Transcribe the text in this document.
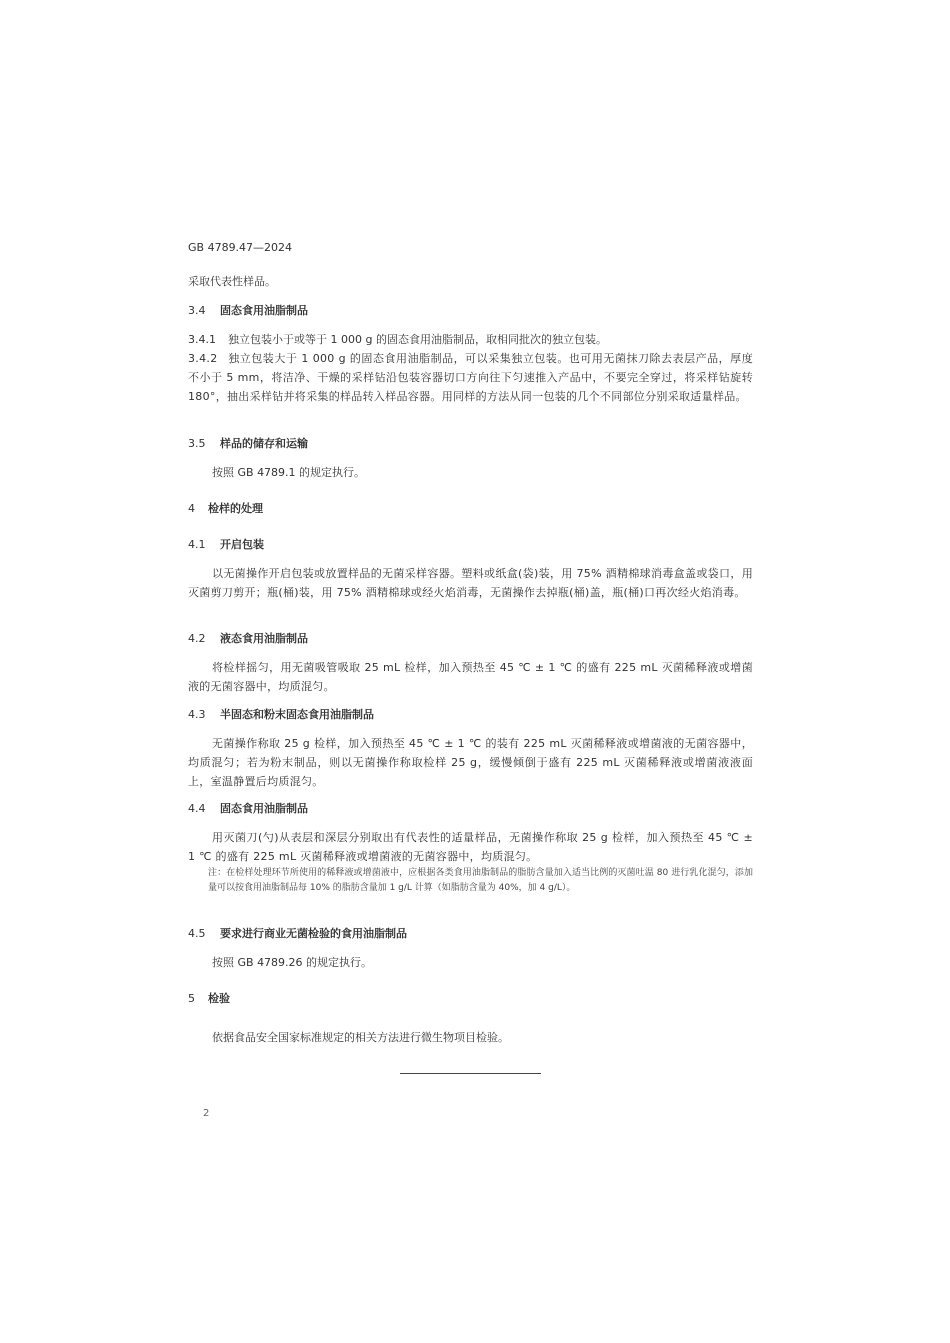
GB 4789.47—2024
采取代表性样品。
3.4 固态食用油脂制品
3.4.1 独立包装小于或等于 1 000 g 的固态食用油脂制品，取相同批次的独立包装。
3.4.2 独立包装大于 1 000 g 的固态食用油脂制品，可以采集独立包装。也可用无菌抹刀除去表层产品，厚度不小于 5 mm，将洁净、干燥的采样钻沿包装容器切口方向往下匀速推入产品中，不要完全穿过，将采样钻旋转 180°，抽出采样钻并将采集的样品转入样品容器。用同样的方法从同一包装的几个不同部位分别采取适量样品。
3.5 样品的储存和运输
按照 GB 4789.1 的规定执行。
4 检样的处理
4.1 开启包装
以无菌操作开启包装或放置样品的无菌采样容器。塑料或纸盒(袋)装，用 75% 酒精棉球消毒盒盖或袋口，用灭菌剪刀剪开；瓶(桶)装，用 75% 酒精棉球或经火焰消毒，无菌操作去掉瓶(桶)盖，瓶(桶)口再次经火焰消毒。
4.2 液态食用油脂制品
将检样摇匀，用无菌吸管吸取 25 mL 检样，加入预热至 45 ℃ ± 1 ℃ 的盛有 225 mL 灭菌稀释液或增菌液的无菌容器中，均质混匀。
4.3 半固态和粉末固态食用油脂制品
无菌操作称取 25 g 检样，加入预热至 45 ℃ ± 1 ℃ 的装有 225 mL 灭菌稀释液或增菌液的无菌容器中，均质混匀；若为粉末制品，则以无菌操作称取检样 25 g，缓慢倾倒于盛有 225 mL 灭菌稀释液或增菌液液面上，室温静置后均质混匀。
4.4 固态食用油脂制品
用灭菌刀(勺)从表层和深层分别取出有代表性的适量样品，无菌操作称取 25 g 检样，加入预热至 45 ℃ ± 1 ℃ 的盛有 225 mL 灭菌稀释液或增菌液的无菌容器中，均质混匀。
注：在检样处理环节所使用的稀释液或增菌液中，应根据各类食用油脂制品的脂肪含量加入适当比例的灭菌吐温 80 进行乳化混匀，添加量可以按食用油脂制品每 10% 的脂肪含量加 1 g/L 计算（如脂肪含量为 40%，加 4 g/L）。
4.5 要求进行商业无菌检验的食用油脂制品
按照 GB 4789.26 的规定执行。
5 检验
依据食品安全国家标准规定的相关方法进行微生物项目检验。
2
